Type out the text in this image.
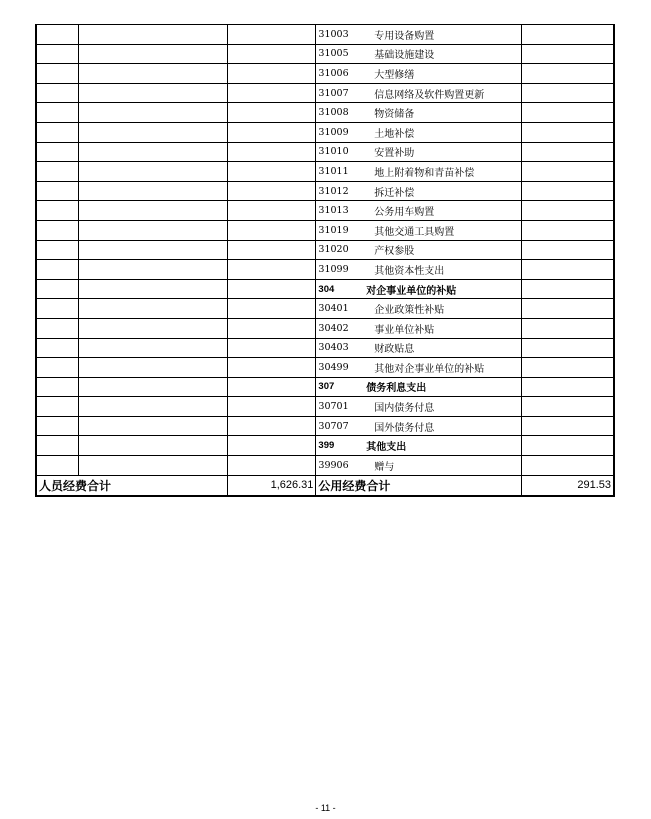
			31003	专用设备购置	
			31005	基础设施建设	
			31006	大型修缮	
			31007	信息网络及软件购置更新	
			31008	物资储备	
			31009	土地补偿	
			31010	安置补助	
			31011	地上附着物和青苗补偿	
			31012	拆迁补偿	
			31013	公务用车购置	
			31019	其他交通工具购置	
			31020	产权参股	
			31099	其他资本性支出	
			304	对企事业单位的补贴	
			30401	企业政策性补贴	
			30402	事业单位补贴	
			30403	财政贴息	
			30499	其他对企事业单位的补贴	
			307	债务利息支出	
			30701	国内债务付息	
			30707	国外债务付息	
			399	其他支出	
			39906	赠与	
人员经费合计		1,626.31	公用经费合计		291.53
- 11 -
